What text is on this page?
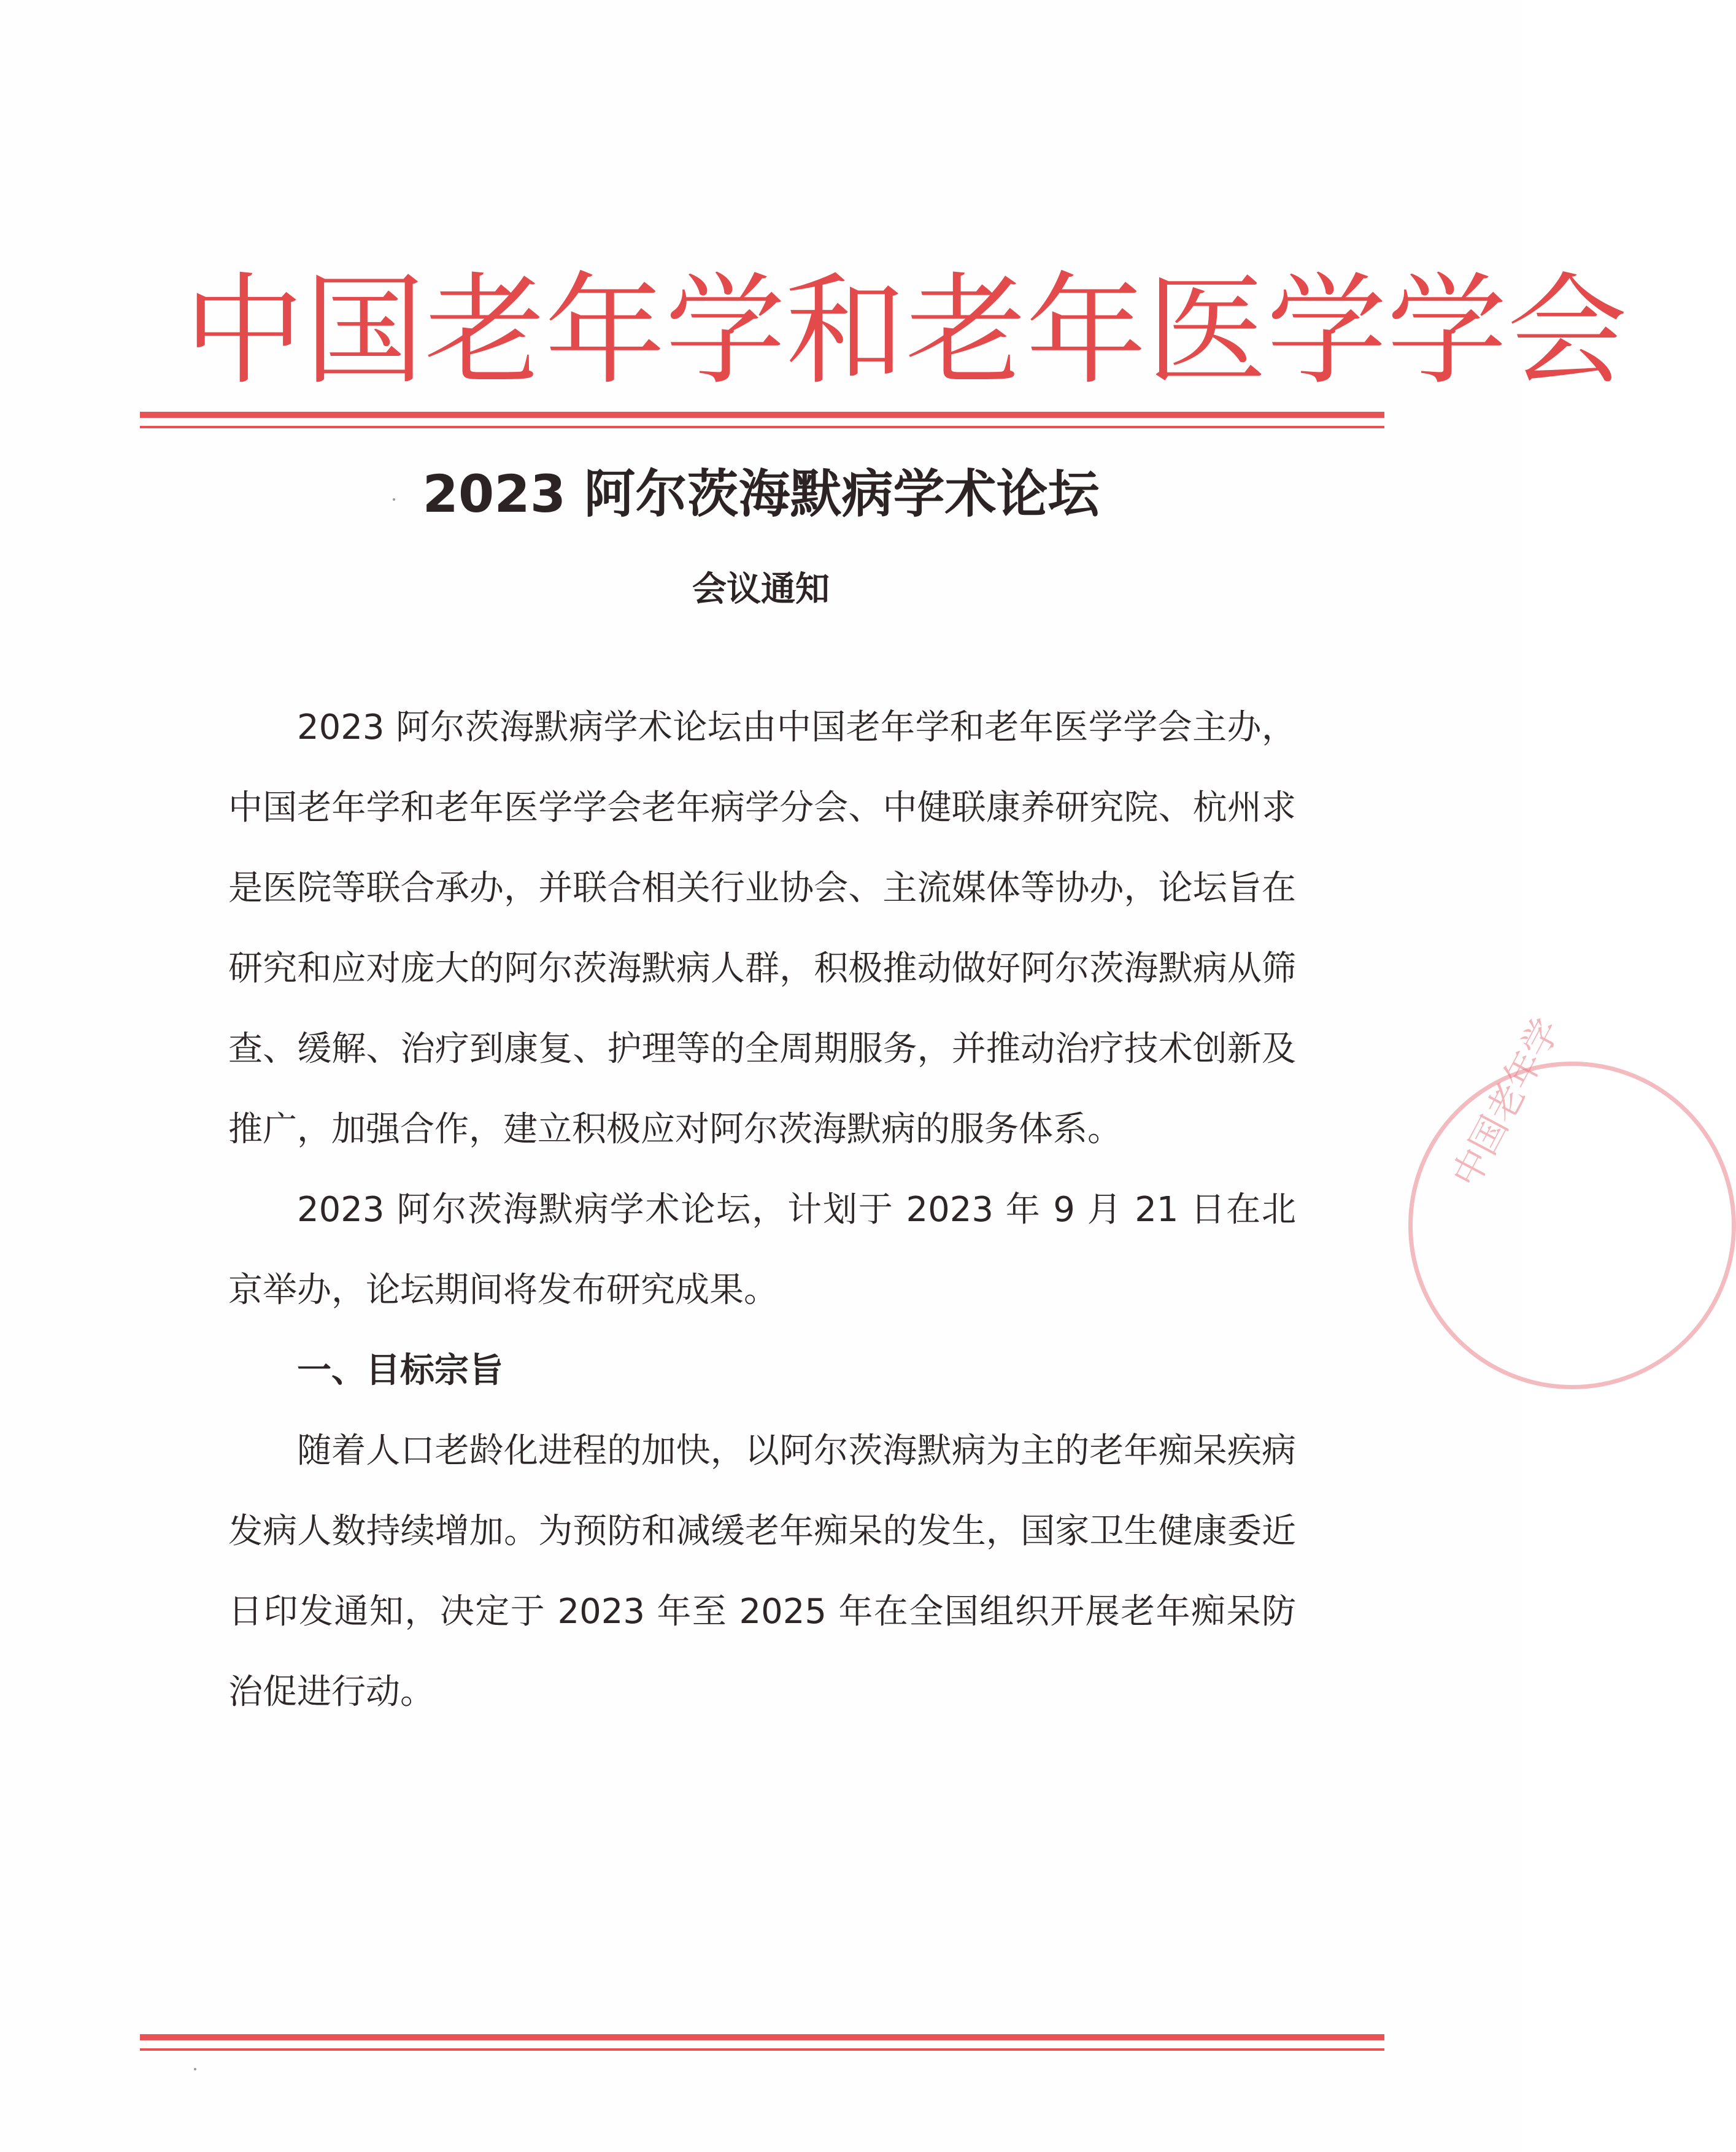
中国老年学和老年医学学会
2023 阿尔茨海默病学术论坛
会议通知

2023 阿尔茨海默病学术论坛由中国老年学和老年医学学会主办，中国老年学和老年医学学会老年病学分会、中健联康养研究院、杭州求是医院等联合承办，并联合相关行业协会、主流媒体等协办，论坛旨在研究和应对庞大的阿尔茨海默病人群，积极推动做好阿尔茨海默病从筛查、缓解、治疗到康复、护理等的全周期服务，并推动治疗技术创新及推广，加强合作，建立积极应对阿尔茨海默病的服务体系。

2023 阿尔茨海默病学术论坛，计划于 2023 年 9 月 21 日在北京举办，论坛期间将发布研究成果。

一、目标宗旨

随着人口老龄化进程的加快，以阿尔茨海默病为主的老年痴呆疾病发病人数持续增加。为预防和减缓老年痴呆的发生，国家卫生健康委近日印发通知，决定于 2023 年至 2025 年在全国组织开展老年痴呆防治促进行动。

中国老年学
